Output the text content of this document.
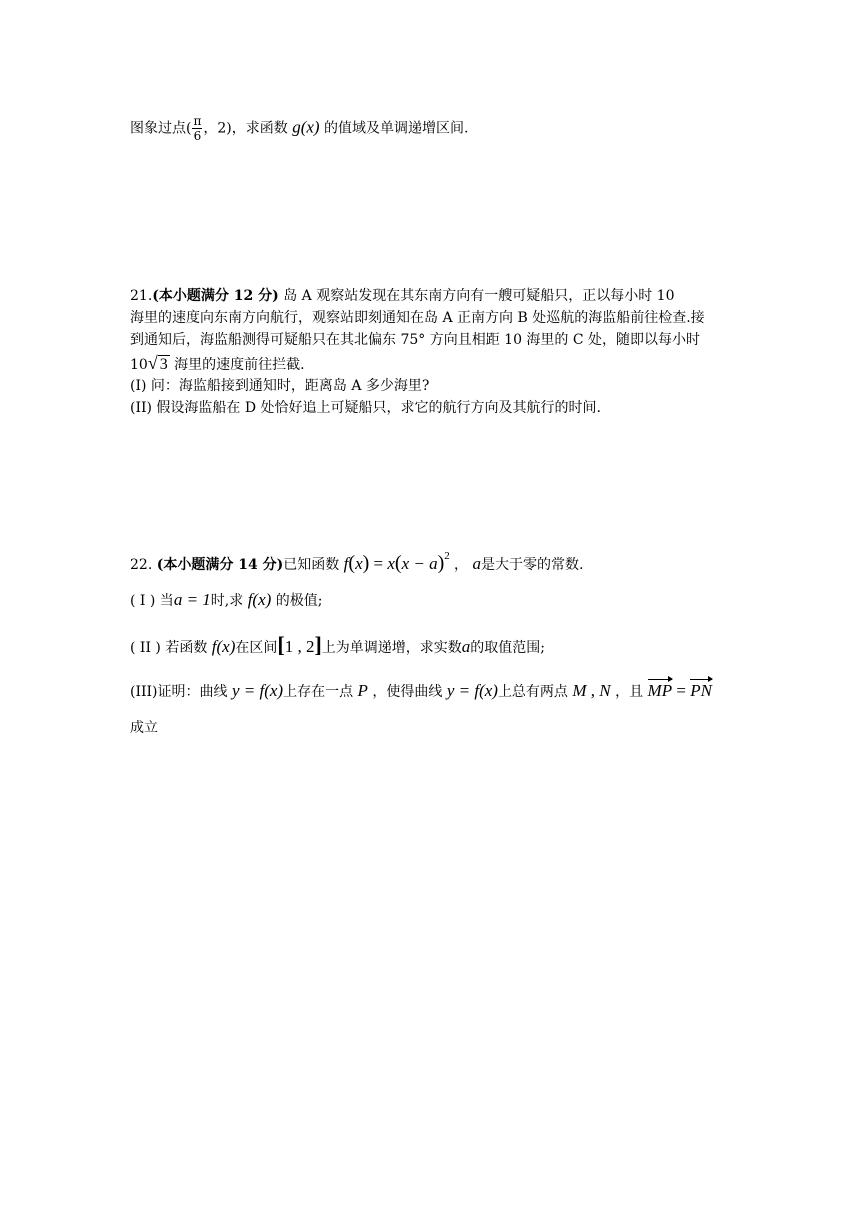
图象过点( $\frac{\pi}{6}$ ，2)，求函数 g(x) 的值域及单调递增区间.
21.(本小题满分 12 分) 岛 A 观察站发现在其东南方向有一艘可疑船只，正以每小时 10
海里的速度向东南方向航行，观察站即刻通知在岛 A 正南方向 B 处巡航的海监船前往检查.接
到通知后，海监船测得可疑船只在其北偏东 75° 方向且相距 10 海里的 C 处，随即以每小时
10√ 3 海里的速度前往拦截.
(I) 问：海监船接到通知时，距离岛 A 多少海里?
(II) 假设海监船在 D 处恰好追上可疑船只，求它的航行方向及其航行的时间.
22. (本小题满分 14 分)已知函数 $f(x) = x(x - a)^2$ ， a是大于零的常数.
( I ) 当a = 1时,求 f(x) 的极值;
( II ) 若函数 f(x)在区间[1 , 2]上为单调递增，求实数a的取值范围;
(III)证明：曲线 y = f(x)上存在一点 P ，使得曲线 y = f(x)上总有两点 M , N ，且 MP = PN
成立
